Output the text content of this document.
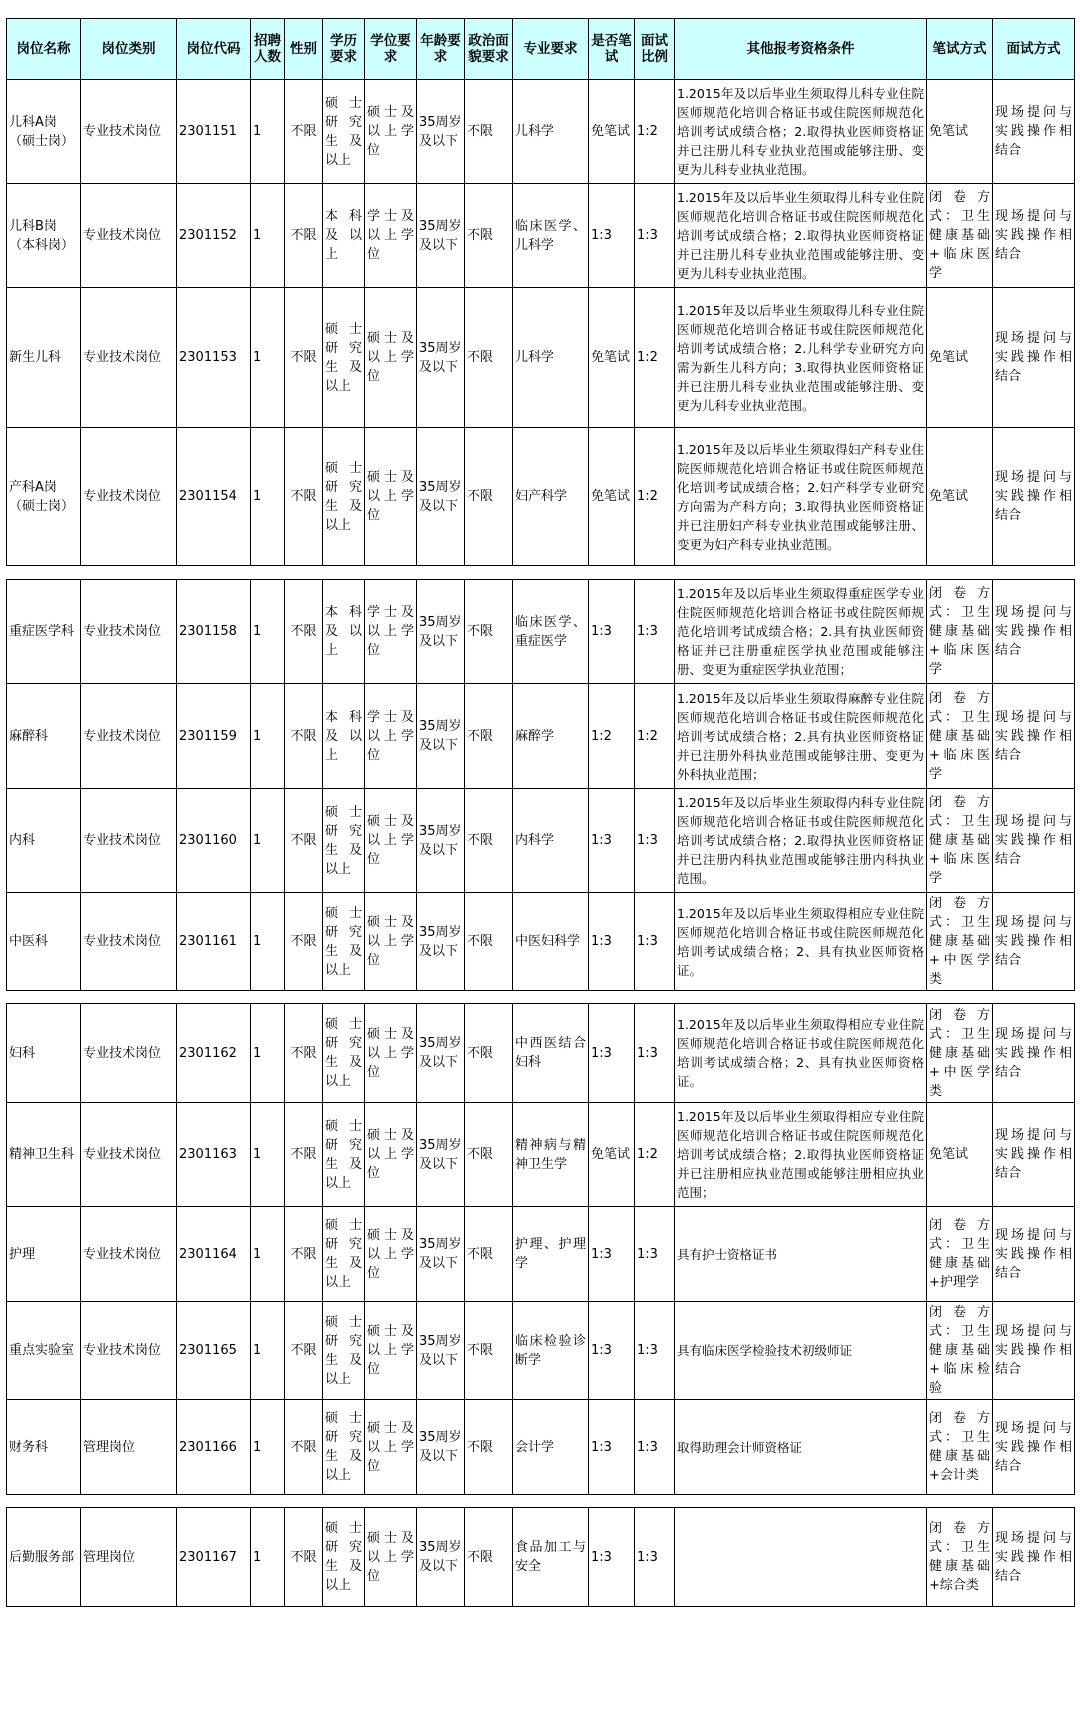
岗位名称	岗位类别	岗位代码	招聘人数	性别	学历要求	学位要求	年龄要求	政治面貌要求	专业要求	是否笔试	面试比例	其他报考资格条件	笔试方式	面试方式
儿科A岗（硕士岗）	专业技术岗位	2301151	1	不限	硕士研究生及以上	硕士及以上学位	35周岁及以下	不限	儿科学	免笔试	1:2	1.2015年及以后毕业生须取得儿科专业住院医师规范化培训合格证书或住院医师规范化培训考试成绩合格；2.取得执业医师资格证并已注册儿科专业执业范围或能够注册、变更为儿科专业执业范围。	免笔试	现场提问与实践操作相结合
儿科B岗（本科岗）	专业技术岗位	2301152	1	不限	本科及以上	学士及以上学位	35周岁及以下	不限	临床医学、儿科学	1:3	1:3	1.2015年及以后毕业生须取得儿科专业住院医师规范化培训合格证书或住院医师规范化培训考试成绩合格；2.取得执业医师资格证并已注册儿科专业执业范围或能够注册、变更为儿科专业执业范围。	闭卷方式：卫生健康基础+临床医学	现场提问与实践操作相结合
新生儿科	专业技术岗位	2301153	1	不限	硕士研究生及以上	硕士及以上学位	35周岁及以下	不限	儿科学	免笔试	1:2	1.2015年及以后毕业生须取得儿科专业住院医师规范化培训合格证书或住院医师规范化培训考试成绩合格；2.儿科学专业研究方向需为新生儿科方向；3.取得执业医师资格证并已注册儿科专业执业范围或能够注册、变更为儿科专业执业范围。	免笔试	现场提问与实践操作相结合
产科A岗（硕士岗）	专业技术岗位	2301154	1	不限	硕士研究生及以上	硕士及以上学位	35周岁及以下	不限	妇产科学	免笔试	1:2	1.2015年及以后毕业生须取得妇产科专业住院医师规范化培训合格证书或住院医师规范化培训考试成绩合格；2.妇产科学专业研究方向需为产科方向；3.取得执业医师资格证并已注册妇产科专业执业范围或能够注册、变更为妇产科专业执业范围。	免笔试	现场提问与实践操作相结合

重症医学科	专业技术岗位	2301158	1	不限	本科及以上	学士及以上学位	35周岁及以下	不限	临床医学、重症医学	1:3	1:3	1.2015年及以后毕业生须取得重症医学专业住院医师规范化培训合格证书或住院医师规范化培训考试成绩合格；2.具有执业医师资格证并已注册重症医学执业范围或能够注册、变更为重症医学执业范围；	闭卷方式：卫生健康基础+临床医学	现场提问与实践操作相结合
麻醉科	专业技术岗位	2301159	1	不限	本科及以上	学士及以上学位	35周岁及以下	不限	麻醉学	1:2	1:2	1.2015年及以后毕业生须取得麻醉专业住院医师规范化培训合格证书或住院医师规范化培训考试成绩合格；2.具有执业医师资格证并已注册外科执业范围或能够注册、变更为外科执业范围；	闭卷方式：卫生健康基础+临床医学	现场提问与实践操作相结合
内科	专业技术岗位	2301160	1	不限	硕士研究生及以上	硕士及以上学位	35周岁及以下	不限	内科学	1:3	1:3	1.2015年及以后毕业生须取得内科专业住院医师规范化培训合格证书或住院医师规范化培训考试成绩合格；2.取得执业医师资格证并已注册内科执业范围或能够注册内科执业范围。	闭卷方式：卫生健康基础+临床医学	现场提问与实践操作相结合
中医科	专业技术岗位	2301161	1	不限	硕士研究生及以上	硕士及以上学位	35周岁及以下	不限	中医妇科学	1:3	1:3	1.2015年及以后毕业生须取得相应专业住院医师规范化培训合格证书或住院医师规范化培训考试成绩合格；2、具有执业医师资格证。	闭卷方式：卫生健康基础+中医学类	现场提问与实践操作相结合

妇科	专业技术岗位	2301162	1	不限	硕士研究生及以上	硕士及以上学位	35周岁及以下	不限	中西医结合妇科	1:3	1:3	1.2015年及以后毕业生须取得相应专业住院医师规范化培训合格证书或住院医师规范化培训考试成绩合格；2、具有执业医师资格证。	闭卷方式：卫生健康基础+中医学类	现场提问与实践操作相结合
精神卫生科	专业技术岗位	2301163	1	不限	硕士研究生及以上	硕士及以上学位	35周岁及以下	不限	精神病与精神卫生学	免笔试	1:2	1.2015年及以后毕业生须取得相应专业住院医师规范化培训合格证书或住院医师规范化培训考试成绩合格；2.取得执业医师资格证并已注册相应执业范围或能够注册相应执业范围；	免笔试	现场提问与实践操作相结合
护理	专业技术岗位	2301164	1	不限	硕士研究生及以上	硕士及以上学位	35周岁及以下	不限	护理、护理学	1:3	1:3	具有护士资格证书	闭卷方式：卫生健康基础+护理学	现场提问与实践操作相结合
重点实验室	专业技术岗位	2301165	1	不限	硕士研究生及以上	硕士及以上学位	35周岁及以下	不限	临床检验诊断学	1:3	1:3	具有临床医学检验技术初级师证	闭卷方式：卫生健康基础+临床检验	现场提问与实践操作相结合
财务科	管理岗位	2301166	1	不限	硕士研究生及以上	硕士及以上学位	35周岁及以下	不限	会计学	1:3	1:3	取得助理会计师资格证	闭卷方式：卫生健康基础+会计类	现场提问与实践操作相结合

后勤服务部	管理岗位	2301167	1	不限	硕士研究生及以上	硕士及以上学位	35周岁及以下	不限	食品加工与安全	1:3	1:3		闭卷方式：卫生健康基础+综合类	现场提问与实践操作相结合
